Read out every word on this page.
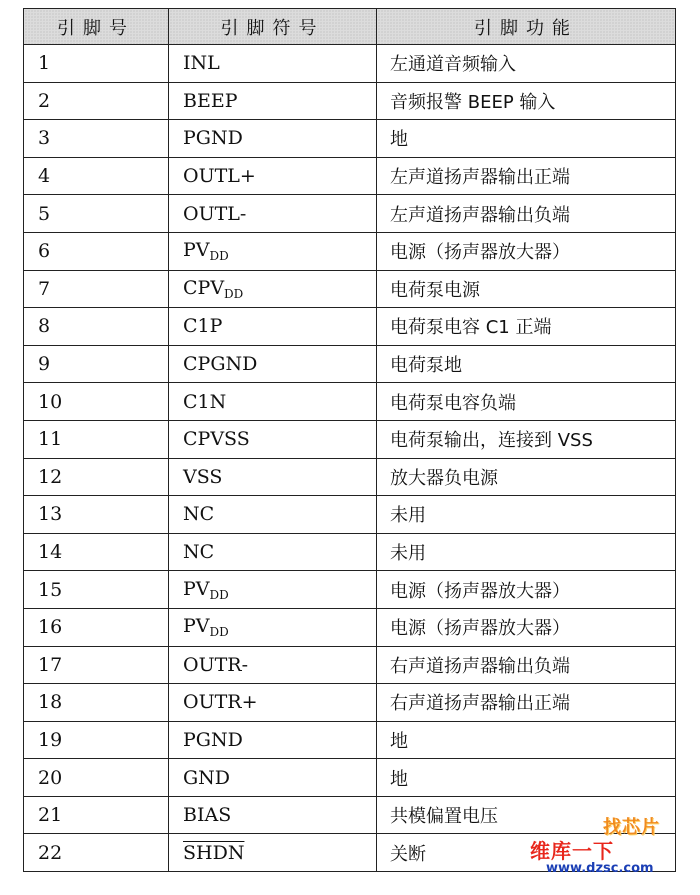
引脚号	引脚符号	引脚功能
1	INL	左通道音频输入
2	BEEP	音频报警 BEEP 输入
3	PGND	地
4	OUTL+	左声道扬声器输出正端
5	OUTL-	左声道扬声器输出负端
6	$PV_{DD}$	电源（扬声器放大器）
7	$CPV_{DD}$	电荷泵电源
8	C1P	电荷泵电容 C1 正端
9	CPGND	电荷泵地
10	C1N	电荷泵电容负端
11	CPVSS	电荷泵输出，连接到 VSS
12	VSS	放大器负电源
13	NC	未用
14	NC	未用
15	$PV_{DD}$	电源（扬声器放大器）
16	$PV_{DD}$	电源（扬声器放大器）
17	OUTR-	右声道扬声器输出负端
18	OUTR+	右声道扬声器输出正端
19	PGND	地
20	GND	地
21	BIAS	共模偏置电压
22	SHDN	关断
找芯片
维库一下
www.dzsc.com
